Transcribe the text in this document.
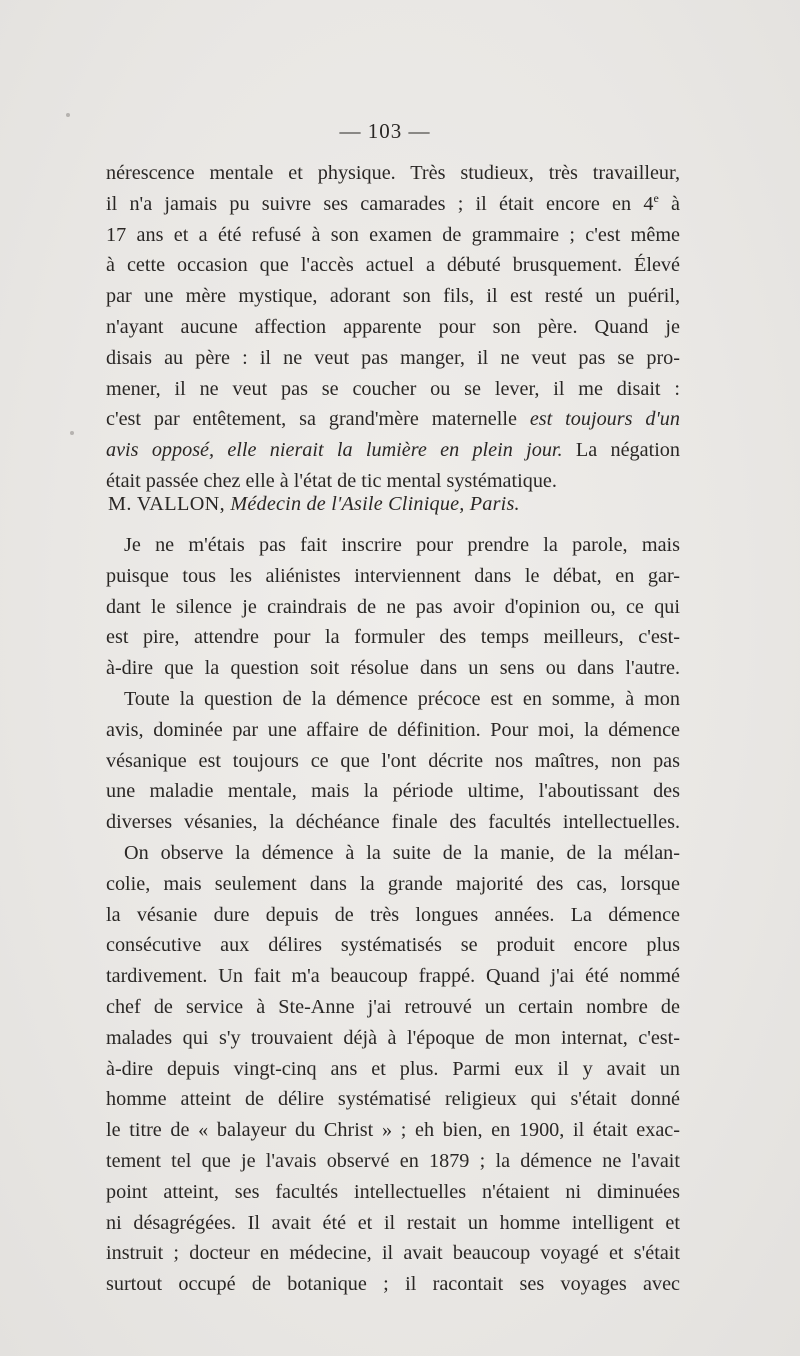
— 103 —
nérescence mentale et physique. Très studieux, très travailleur,
il n'a jamais pu suivre ses camarades ; il était encore en 4e à
17 ans et a été refusé à son examen de grammaire ; c'est même
à cette occasion que l'accès actuel a débuté brusquement. Élevé
par une mère mystique, adorant son fils, il est resté un puéril,
n'ayant aucune affection apparente pour son père. Quand je
disais au père : il ne veut pas manger, il ne veut pas se pro-
mener, il ne veut pas se coucher ou se lever, il me disait :
c'est par entêtement, sa grand'mère maternelle est toujours d'un
avis opposé, elle nierait la lumière en plein jour. La négation
était passée chez elle à l'état de tic mental systématique.
M. VALLON, Médecin de l'Asile Clinique, Paris.
Je ne m'étais pas fait inscrire pour prendre la parole, mais
puisque tous les aliénistes interviennent dans le débat, en gar-
dant le silence je craindrais de ne pas avoir d'opinion ou, ce qui
est pire, attendre pour la formuler des temps meilleurs, c'est-
à-dire que la question soit résolue dans un sens ou dans l'autre.
Toute la question de la démence précoce est en somme, à mon
avis, dominée par une affaire de définition. Pour moi, la démence
vésanique est toujours ce que l'ont décrite nos maîtres, non pas
une maladie mentale, mais la période ultime, l'aboutissant des
diverses vésanies, la déchéance finale des facultés intellectuelles.
On observe la démence à la suite de la manie, de la mélan-
colie, mais seulement dans la grande majorité des cas, lorsque
la vésanie dure depuis de très longues années. La démence
consécutive aux délires systématisés se produit encore plus
tardivement. Un fait m'a beaucoup frappé. Quand j'ai été nommé
chef de service à Ste-Anne j'ai retrouvé un certain nombre de
malades qui s'y trouvaient déjà à l'époque de mon internat, c'est-
à-dire depuis vingt-cinq ans et plus. Parmi eux il y avait un
homme atteint de délire systématisé religieux qui s'était donné
le titre de « balayeur du Christ » ; eh bien, en 1900, il était exac-
tement tel que je l'avais observé en 1879 ; la démence ne l'avait
point atteint, ses facultés intellectuelles n'étaient ni diminuées
ni désagrégées. Il avait été et il restait un homme intelligent et
instruit ; docteur en médecine, il avait beaucoup voyagé et s'était
surtout occupé de botanique ; il racontait ses voyages avec
